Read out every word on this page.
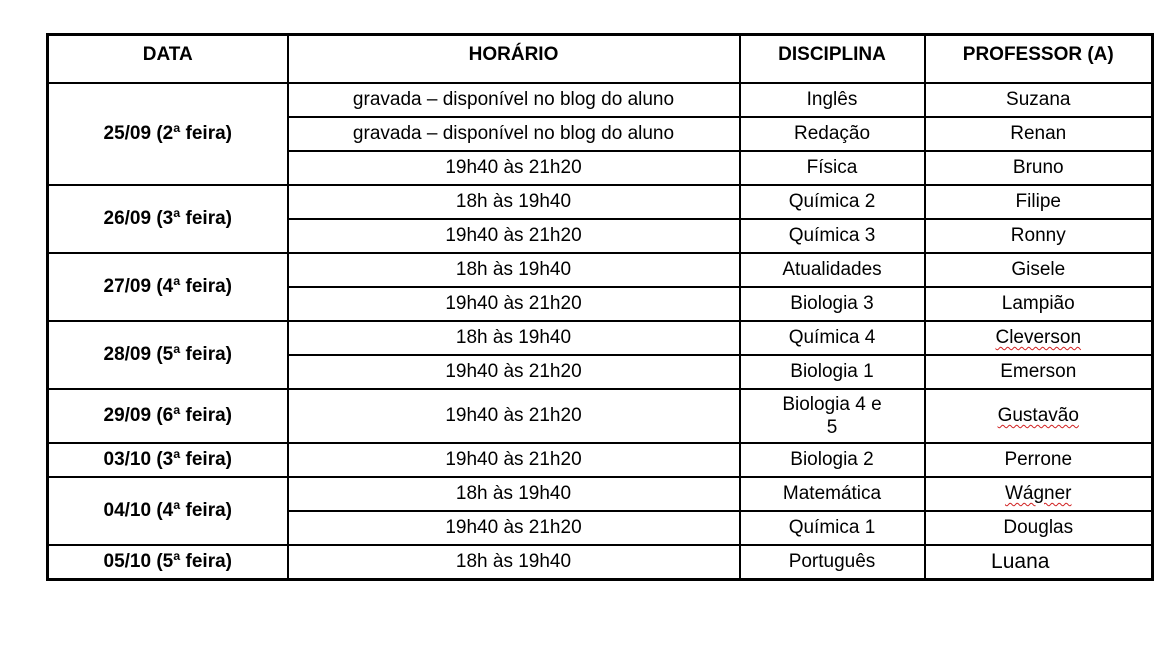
DATA	HORÁRIO	DISCIPLINA	PROFESSOR (A)
25/09 (2ª feira)	gravada – disponível no blog do aluno	Inglês	Suzana
	gravada – disponível no blog do aluno	Redação	Renan
	19h40 às 21h20	Física	Bruno
26/09 (3ª feira)	18h às 19h40	Química 2	Filipe
	19h40 às 21h20	Química 3	Ronny
27/09 (4ª feira)	18h às 19h40	Atualidades	Gisele
	19h40 às 21h20	Biologia 3	Lampião
28/09 (5ª feira)	18h às 19h40	Química 4	Cleverson
	19h40 às 21h20	Biologia 1	Emerson
29/09 (6ª feira)	19h40 às 21h20	Biologia 4 e 5	Gustavão
03/10 (3ª feira)	19h40 às 21h20	Biologia 2	Perrone
04/10 (4ª feira)	18h às 19h40	Matemática	Wágner
	19h40 às 21h20	Química 1	Douglas
05/10 (5ª feira)	18h às 19h40	Português	Luana
